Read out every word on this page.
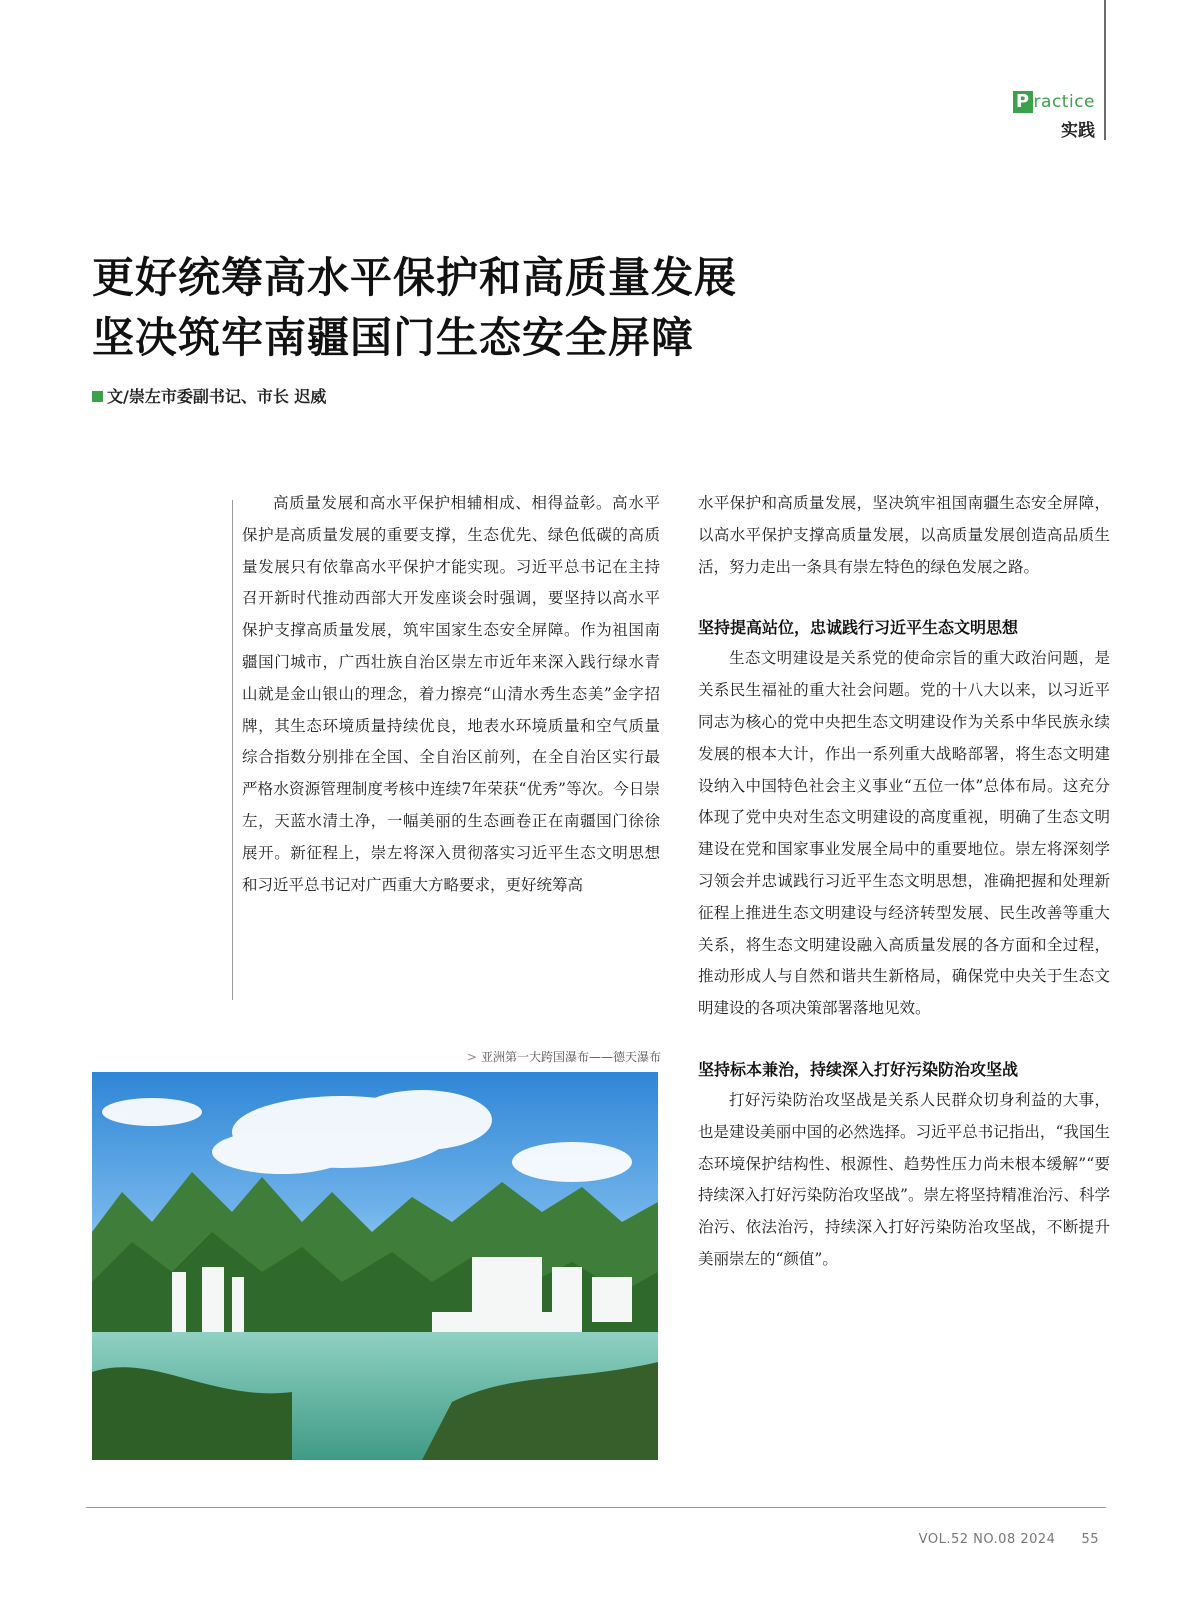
P ractice
实践
更好统筹高水平保护和高质量发展
坚决筑牢南疆国门生态安全屏障
文/崇左市委副书记、市长 迟威

高质量发展和高水平保护相辅相成、相得益彰。高水平保护是高质量发展的重要支撑，生态优先、绿色低碳的高质量发展只有依靠高水平保护才能实现。习近平总书记在主持召开新时代推动西部大开发座谈会时强调，要坚持以高水平保护支撑高质量发展，筑牢国家生态安全屏障。作为祖国南疆国门城市，广西壮族自治区崇左市近年来深入践行绿水青山就是金山银山的理念，着力擦亮“山清水秀生态美”金字招牌，其生态环境质量持续优良，地表水环境质量和空气质量综合指数分别排在全国、全自治区前列，在全自治区实行最严格水资源管理制度考核中连续7年荣获“优秀”等次。今日崇左，天蓝水清土净，一幅美丽的生态画卷正在南疆国门徐徐展开。新征程上，崇左将深入贯彻落实习近平生态文明思想和习近平总书记对广西重大方略要求，更好统筹高

水平保护和高质量发展，坚决筑牢祖国南疆生态安全屏障，以高水平保护支撑高质量发展，以高质量发展创造高品质生活，努力走出一条具有崇左特色的绿色发展之路。

坚持提高站位，忠诚践行习近平生态文明思想

生态文明建设是关系党的使命宗旨的重大政治问题，是关系民生福祉的重大社会问题。党的十八大以来，以习近平同志为核心的党中央把生态文明建设作为关系中华民族永续发展的根本大计，作出一系列重大战略部署，将生态文明建设纳入中国特色社会主义事业“五位一体”总体布局。这充分体现了党中央对生态文明建设的高度重视，明确了生态文明建设在党和国家事业发展全局中的重要地位。崇左将深刻学习领会并忠诚践行习近平生态文明思想，准确把握和处理新征程上推进生态文明建设与经济转型发展、民生改善等重大关系，将生态文明建设融入高质量发展的各方面和全过程，推动形成人与自然和谐共生新格局，确保党中央关于生态文明建设的各项决策部署落地见效。

坚持标本兼治，持续深入打好污染防治攻坚战

打好污染防治攻坚战是关系人民群众切身利益的大事，也是建设美丽中国的必然选择。习近平总书记指出，“我国生态环境保护结构性、根源性、趋势性压力尚未根本缓解”“要持续深入打好污染防治攻坚战”。崇左将坚持精准治污、科学治污、依法治污，持续深入打好污染防治攻坚战，不断提升美丽崇左的“颜值”。

> 亚洲第一大跨国瀑布——德天瀑布
VOL.52 NO.08 2024 55
